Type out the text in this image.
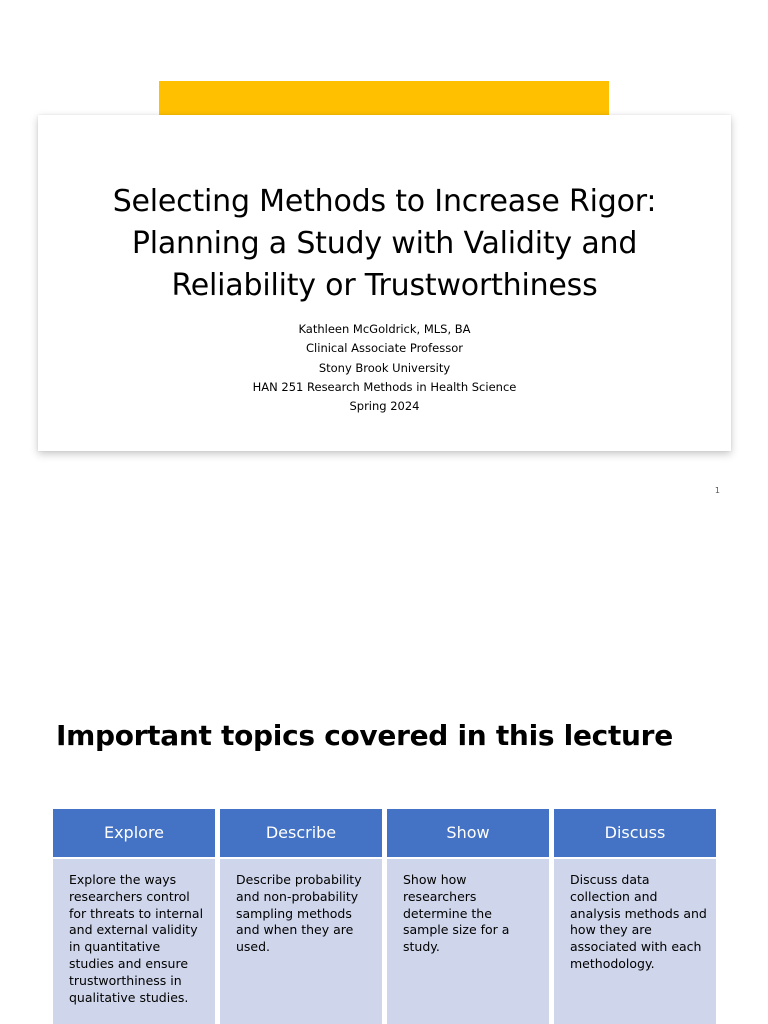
Selecting Methods to Increase Rigor:
Planning a Study with Validity and
Reliability or Trustworthiness
Kathleen McGoldrick, MLS, BA
Clinical Associate Professor
Stony Brook University
HAN 251 Research Methods in Health Science
Spring 2024
1
Important topics covered in this lecture
Explore
Explore the ways researchers control for threats to internal and external validity in quantitative studies and ensure trustworthiness in qualitative studies.
Describe
Describe probability and non-probability sampling methods and when they are used.
Show
Show how researchers determine the sample size for a study.
Discuss
Discuss data collection and analysis methods and how they are associated with each methodology.
